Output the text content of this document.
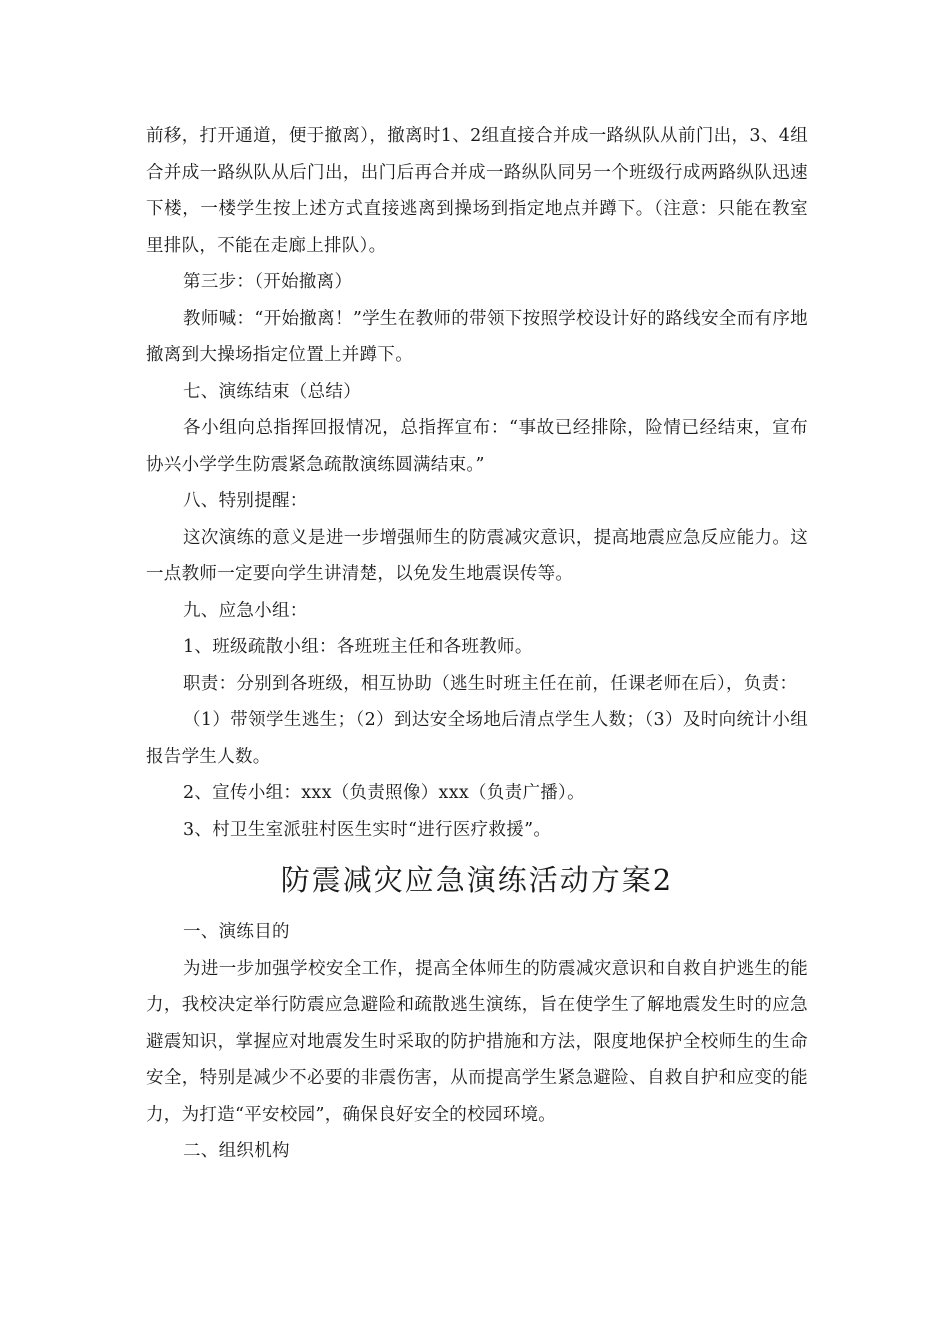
前移，打开通道，便于撤离），撤离时1、2组直接合并成一路纵队从前门出，3、4组合并成一路纵队从后门出，出门后再合并成一路纵队同另一个班级行成两路纵队迅速下楼，一楼学生按上述方式直接逃离到操场到指定地点并蹲下。（注意：只能在教室里排队，不能在走廊上排队）。

第三步：（开始撤离）

教师喊：“开始撤离！”学生在教师的带领下按照学校设计好的路线安全而有序地撤离到大操场指定位置上并蹲下。

七、演练结束（总结）

各小组向总指挥回报情况，总指挥宣布：“事故已经排除，险情已经结束，宣布协兴小学学生防震紧急疏散演练圆满结束。”

八、特别提醒：

这次演练的意义是进一步增强师生的防震减灾意识，提高地震应急反应能力。这一点教师一定要向学生讲清楚，以免发生地震误传等。

九、应急小组：

1、班级疏散小组：各班班主任和各班教师。

职责：分别到各班级，相互协助（逃生时班主任在前，任课老师在后），负责：

（1）带领学生逃生；（2）到达安全场地后清点学生人数；（3）及时向统计小组报告学生人数。

2、宣传小组：xxx（负责照像）xxx（负责广播）。

3、村卫生室派驻村医生实时“进行医疗救援”。

防震减灾应急演练活动方案2

一、演练目的

为进一步加强学校安全工作，提高全体师生的防震减灾意识和自救自护逃生的能力，我校决定举行防震应急避险和疏散逃生演练，旨在使学生了解地震发生时的应急避震知识，掌握应对地震发生时采取的防护措施和方法，限度地保护全校师生的生命安全，特别是减少不必要的非震伤害，从而提高学生紧急避险、自救自护和应变的能力，为打造“平安校园”，确保良好安全的校园环境。

二、组织机构
